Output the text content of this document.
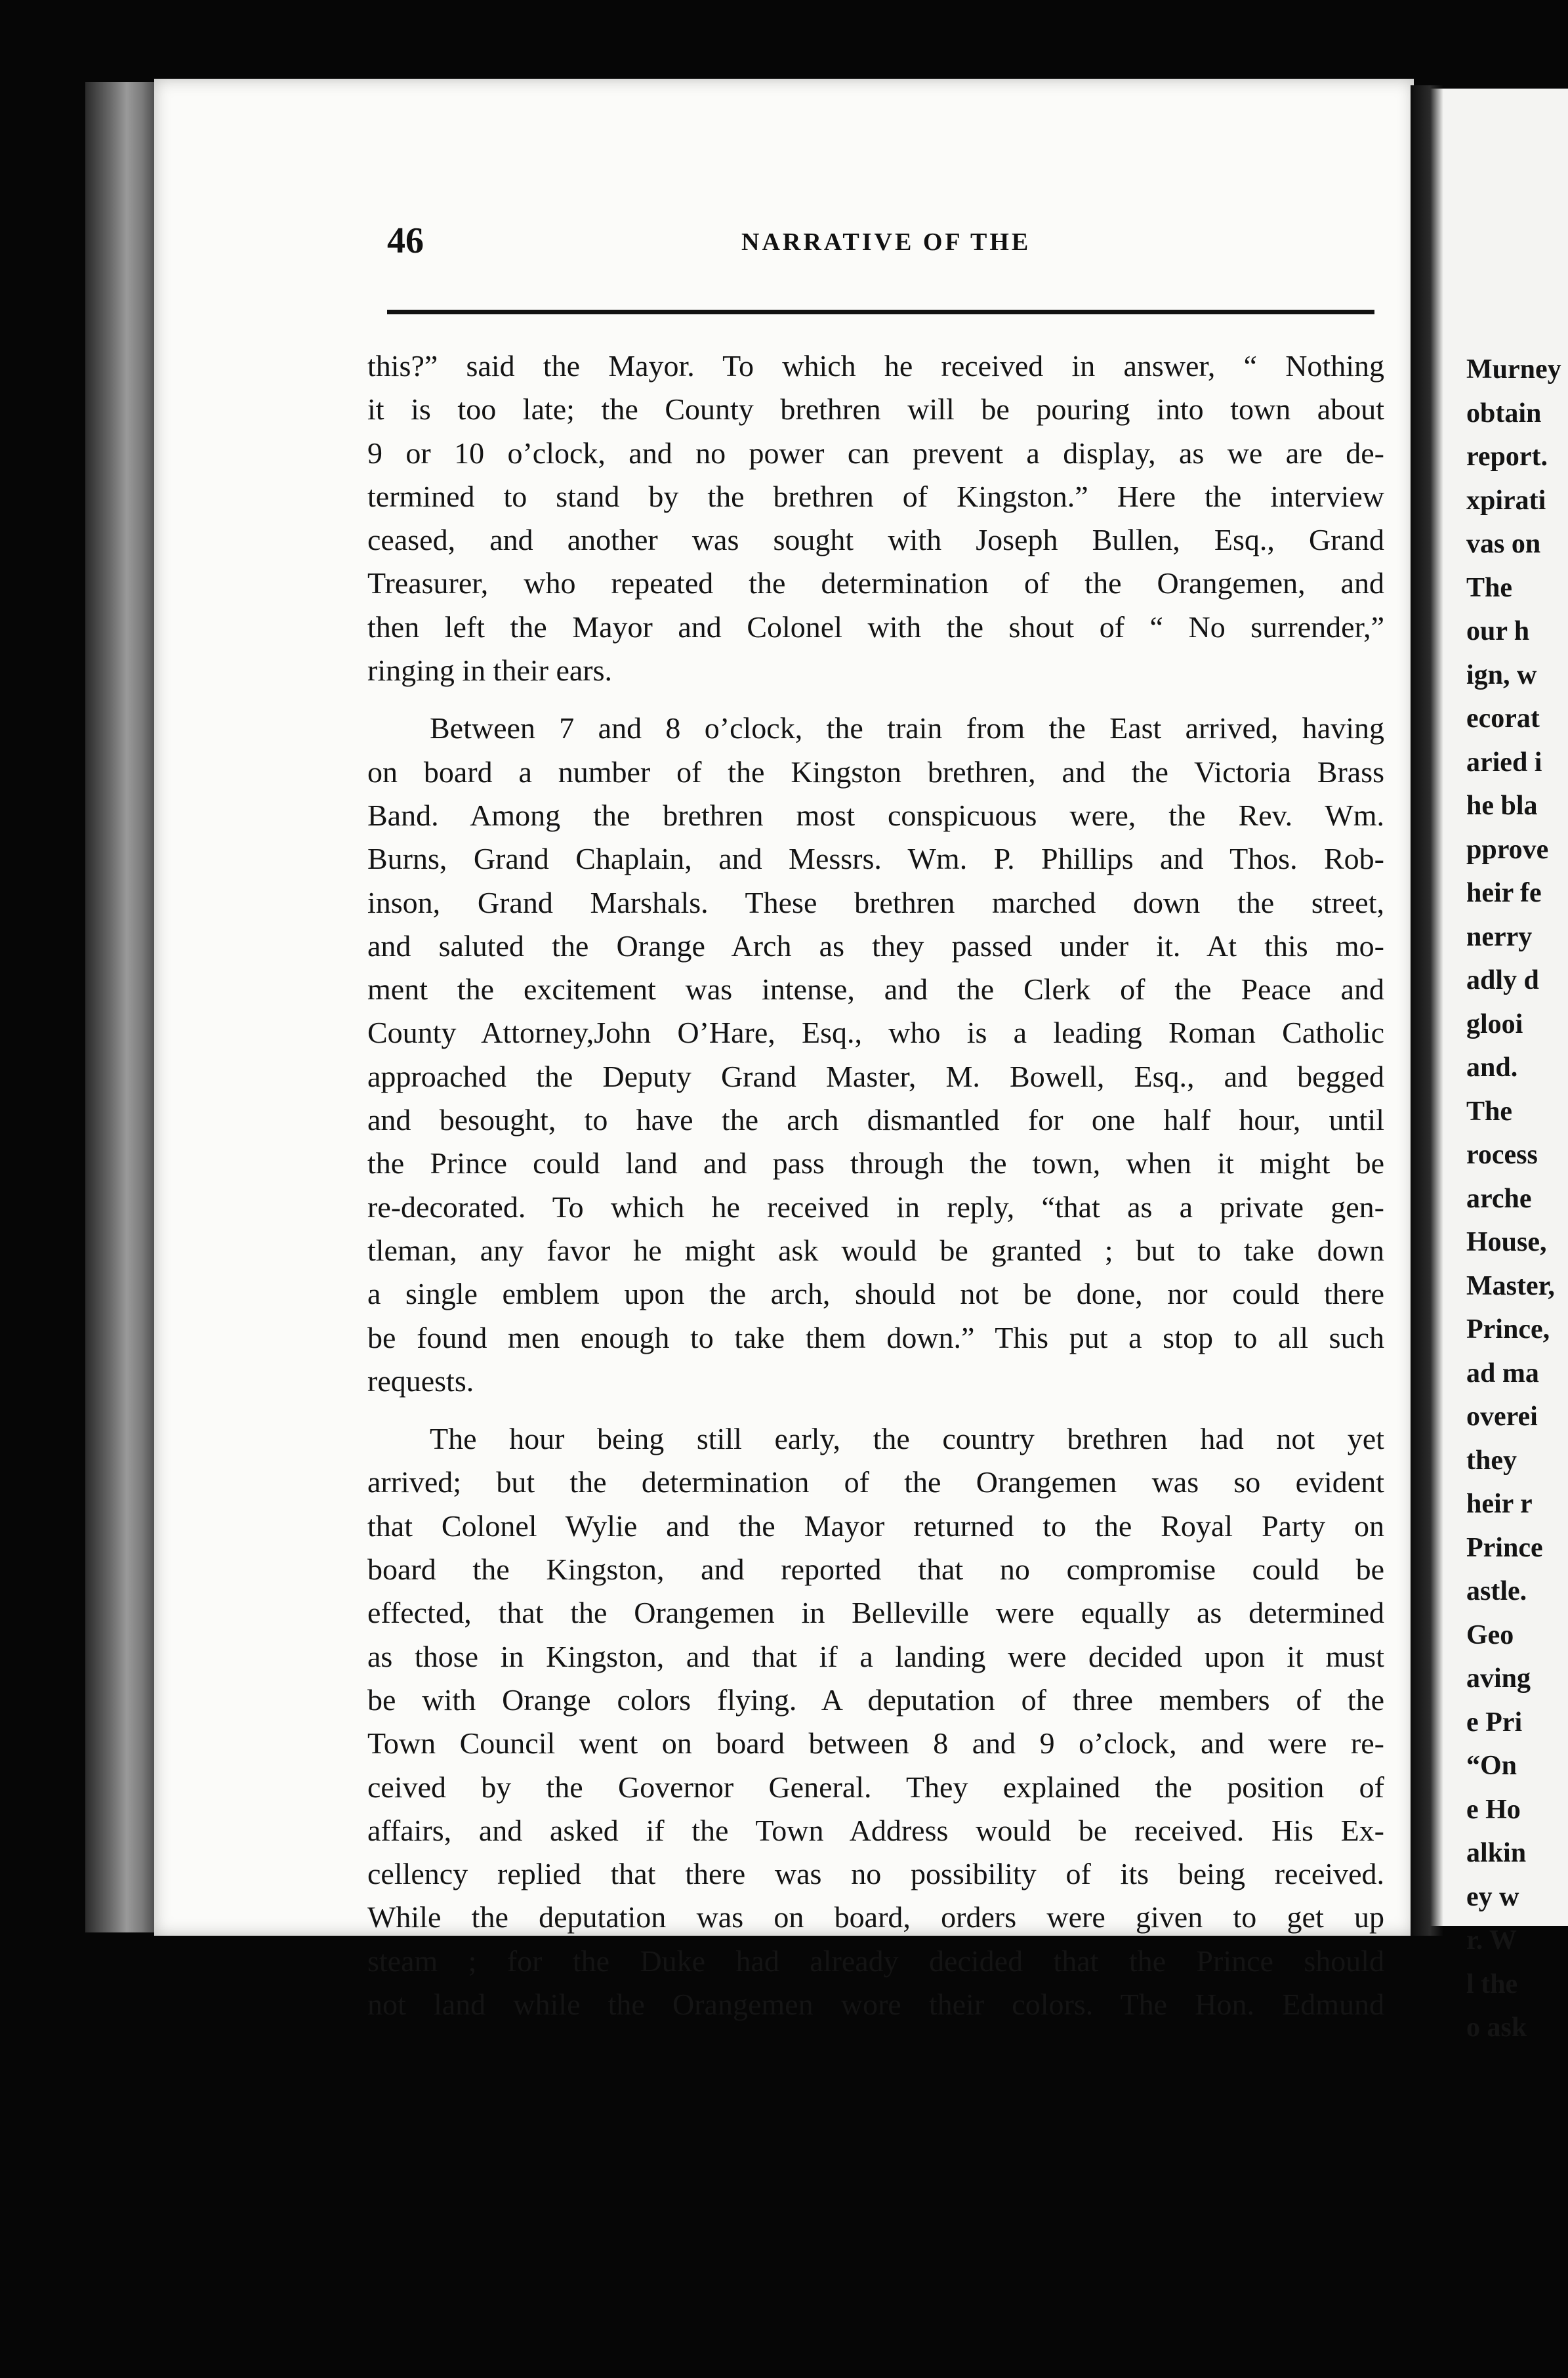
46	NARRATIVE OF THE
this?” said the Mayor. To which he received in answer, “ Nothing
it is too late; the County brethren will be pouring into town about
9 or 10 o’clock, and no power can prevent a display, as we are de-
termined to stand by the brethren of Kingston.” Here the interview
ceased, and another was sought with Joseph Bullen, Esq., Grand
Treasurer, who repeated the determination of the Orangemen, and
then left the Mayor and Colonel with the shout of “ No surrender,”
ringing in their ears.
Between 7 and 8 o’clock, the train from the East arrived, having
on board a number of the Kingston brethren, and the Victoria Brass
Band. Among the brethren most conspicuous were, the Rev. Wm.
Burns, Grand Chaplain, and Messrs. Wm. P. Phillips and Thos. Rob-
inson, Grand Marshals. These brethren marched down the street,
and saluted the Orange Arch as they passed under it. At this mo-
ment the excitement was intense, and the Clerk of the Peace and
County Attorney,John O’Hare, Esq., who is a leading Roman Catholic
approached the Deputy Grand Master, M. Bowell, Esq., and begged
and besought, to have the arch dismantled for one half hour, until
the Prince could land and pass through the town, when it might be
re-decorated. To which he received in reply, “that as a private gen-
tleman, any favor he might ask would be granted ; but to take down
a single emblem upon the arch, should not be done, nor could there
be found men enough to take them down.” This put a stop to all such
requests.
The hour being still early, the country brethren had not yet
arrived; but the determination of the Orangemen was so evident
that Colonel Wylie and the Mayor returned to the Royal Party on
board the Kingston, and reported that no compromise could be
effected, that the Orangemen in Belleville were equally as determined
as those in Kingston, and that if a landing were decided upon it must
be with Orange colors flying. A deputation of three members of the
Town Council went on board between 8 and 9 o’clock, and were re-
ceived by the Governor General. They explained the position of
affairs, and asked if the Town Address would be received. His Ex-
cellency replied that there was no possibility of its being received.
While the deputation was on board, orders were given to get up
steam ; for the Duke had already decided that the Prince should
not land while the Orangemen wore their colors. The Hon. Edmund
Murney
obtain
report.
xpirati
vas on
The
our h
ign, w
ecorat
aried i
he bla
pprove
heir fe
nerry
adly d
glooi
and.
The
rocess
arche
House,
Master,
Prince,
ad ma
overei
they
heir r
Prince
astle.
Geo
aving
e Pri
“On
e Ho
alkin
ey w
r. W
l the
o ask
